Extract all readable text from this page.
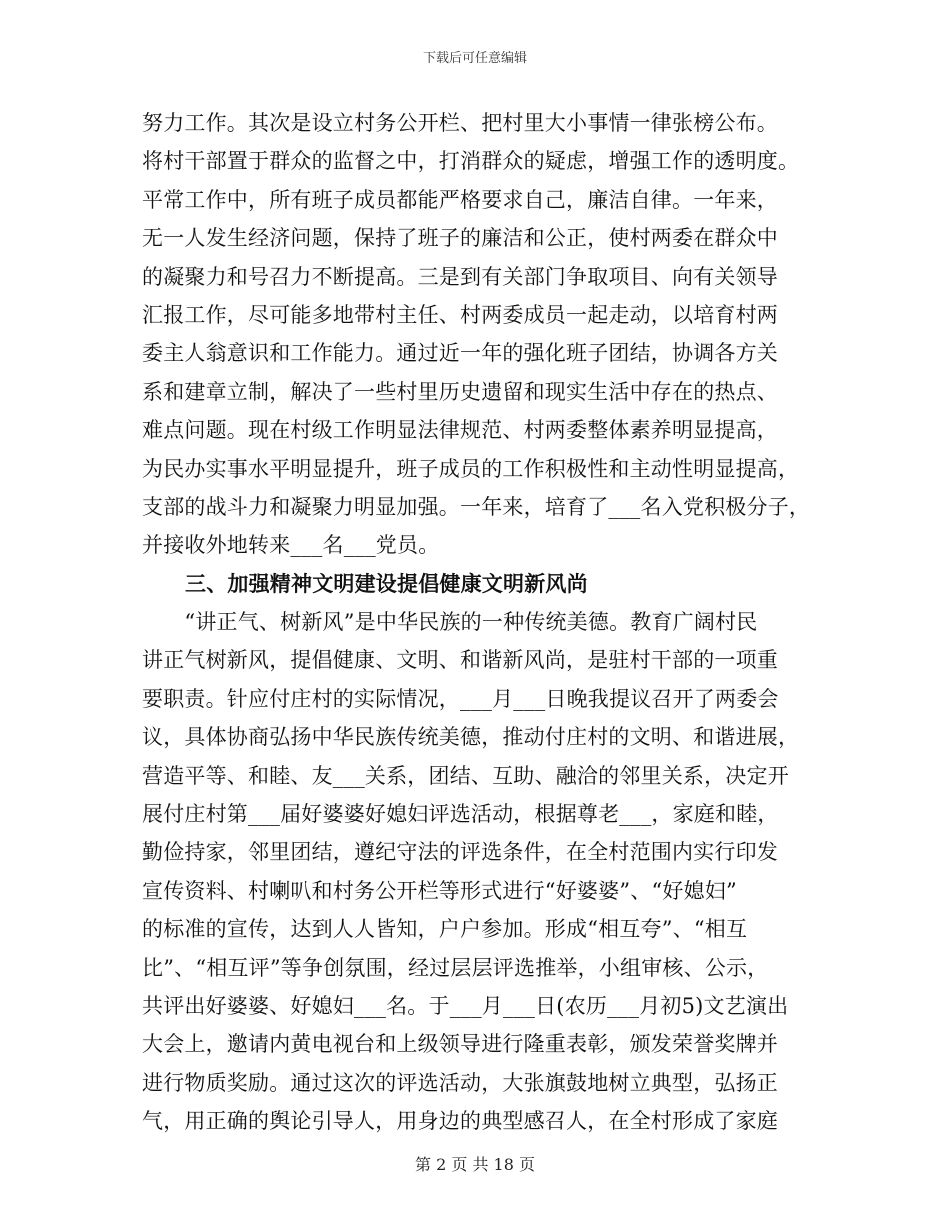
下载后可任意编辑
努力工作。其次是设立村务公开栏、把村里大小事情一律张榜公布。
将村干部置于群众的监督之中，打消群众的疑虑，增强工作的透明度。
平常工作中，所有班子成员都能严格要求自己，廉洁自律。一年来，
无一人发生经济问题，保持了班子的廉洁和公正，使村两委在群众中
的凝聚力和号召力不断提高。三是到有关部门争取项目、向有关领导
汇报工作，尽可能多地带村主任、村两委成员一起走动，以培育村两
委主人翁意识和工作能力。通过近一年的强化班子团结，协调各方关
系和建章立制，解决了一些村里历史遗留和现实生活中存在的热点、
难点问题。现在村级工作明显法律规范、村两委整体素养明显提高，
为民办实事水平明显提升，班子成员的工作积极性和主动性明显提高，
支部的战斗力和凝聚力明显加强。一年来，培育了___名入党积极分子，
并接收外地转来___名___党员。
三、加强精神文明建设提倡健康文明新风尚
　　“讲正气、树新风”是中华民族的一种传统美德。教育广阔村民
讲正气树新风，提倡健康、文明、和谐新风尚，是驻村干部的一项重
要职责。针应付庄村的实际情况，___月___日晚我提议召开了两委会
议，具体协商弘扬中华民族传统美德，推动付庄村的文明、和谐进展，
营造平等、和睦、友___关系，团结、互助、融洽的邻里关系，决定开
展付庄村第___届好婆婆好媳妇评选活动，根据尊老___，家庭和睦，
勤俭持家，邻里团结，遵纪守法的评选条件，在全村范围内实行印发
宣传资料、村喇叭和村务公开栏等形式进行“好婆婆”、“好媳妇”
的标准的宣传，达到人人皆知，户户参加。形成“相互夸”、“相互
比”、“相互评”等争创氛围，经过层层评选推举，小组审核、公示，
共评出好婆婆、好媳妇___名。于___月___日(农历___月初5)文艺演出
大会上，邀请内黄电视台和上级领导进行隆重表彰，颁发荣誉奖牌并
进行物质奖励。通过这次的评选活动，大张旗鼓地树立典型，弘扬正
气，用正确的舆论引导人，用身边的典型感召人，在全村形成了家庭
第 2 页 共 18 页
